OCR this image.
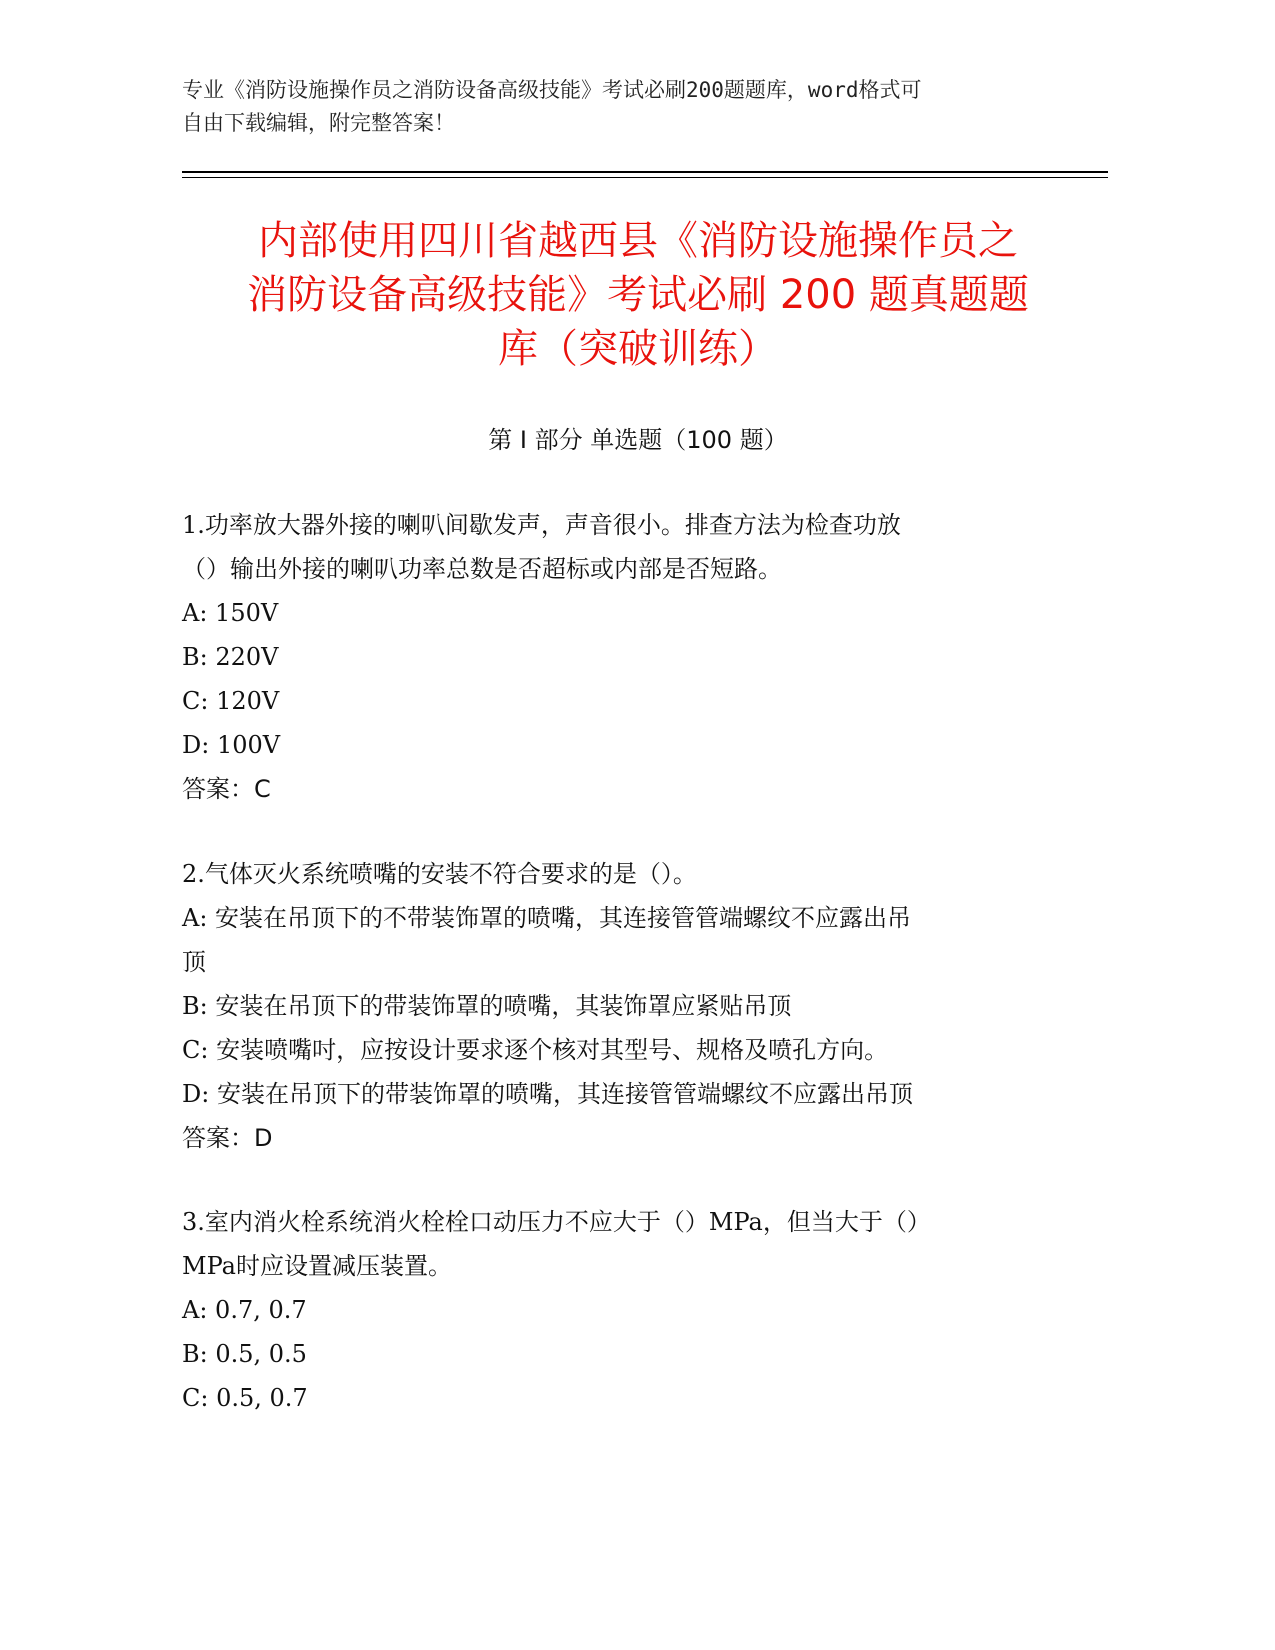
专业《消防设施操作员之消防设备高级技能》考试必刷200题题库，word格式可
自由下载编辑，附完整答案！
内部使用四川省越西县《消防设施操作员之
消防设备高级技能》考试必刷 200 题真题题
库（突破训练）
第 I 部分 单选题（100 题）
1.功率放大器外接的喇叭间歇发声，声音很小。排查方法为检查功放
（）输出外接的喇叭功率总数是否超标或内部是否短路。
A: 150V
B: 220V
C: 120V
D: 100V
答案：C
2.气体灭火系统喷嘴的安装不符合要求的是（）。
A: 安装在吊顶下的不带装饰罩的喷嘴，其连接管管端螺纹不应露出吊
顶
B: 安装在吊顶下的带装饰罩的喷嘴，其装饰罩应紧贴吊顶
C: 安装喷嘴吋，应按设计要求逐个核对其型号、规格及喷孔方向。
D: 安装在吊顶下的带装饰罩的喷嘴，其连接管管端螺纹不应露出吊顶
答案：D
3.室内消火栓系统消火栓栓口动压力不应大于（）MPa，但当大于（）
MPa时应设置减压装置。
A: 0.7, 0.7
B: 0.5, 0.5
C: 0.5, 0.7
